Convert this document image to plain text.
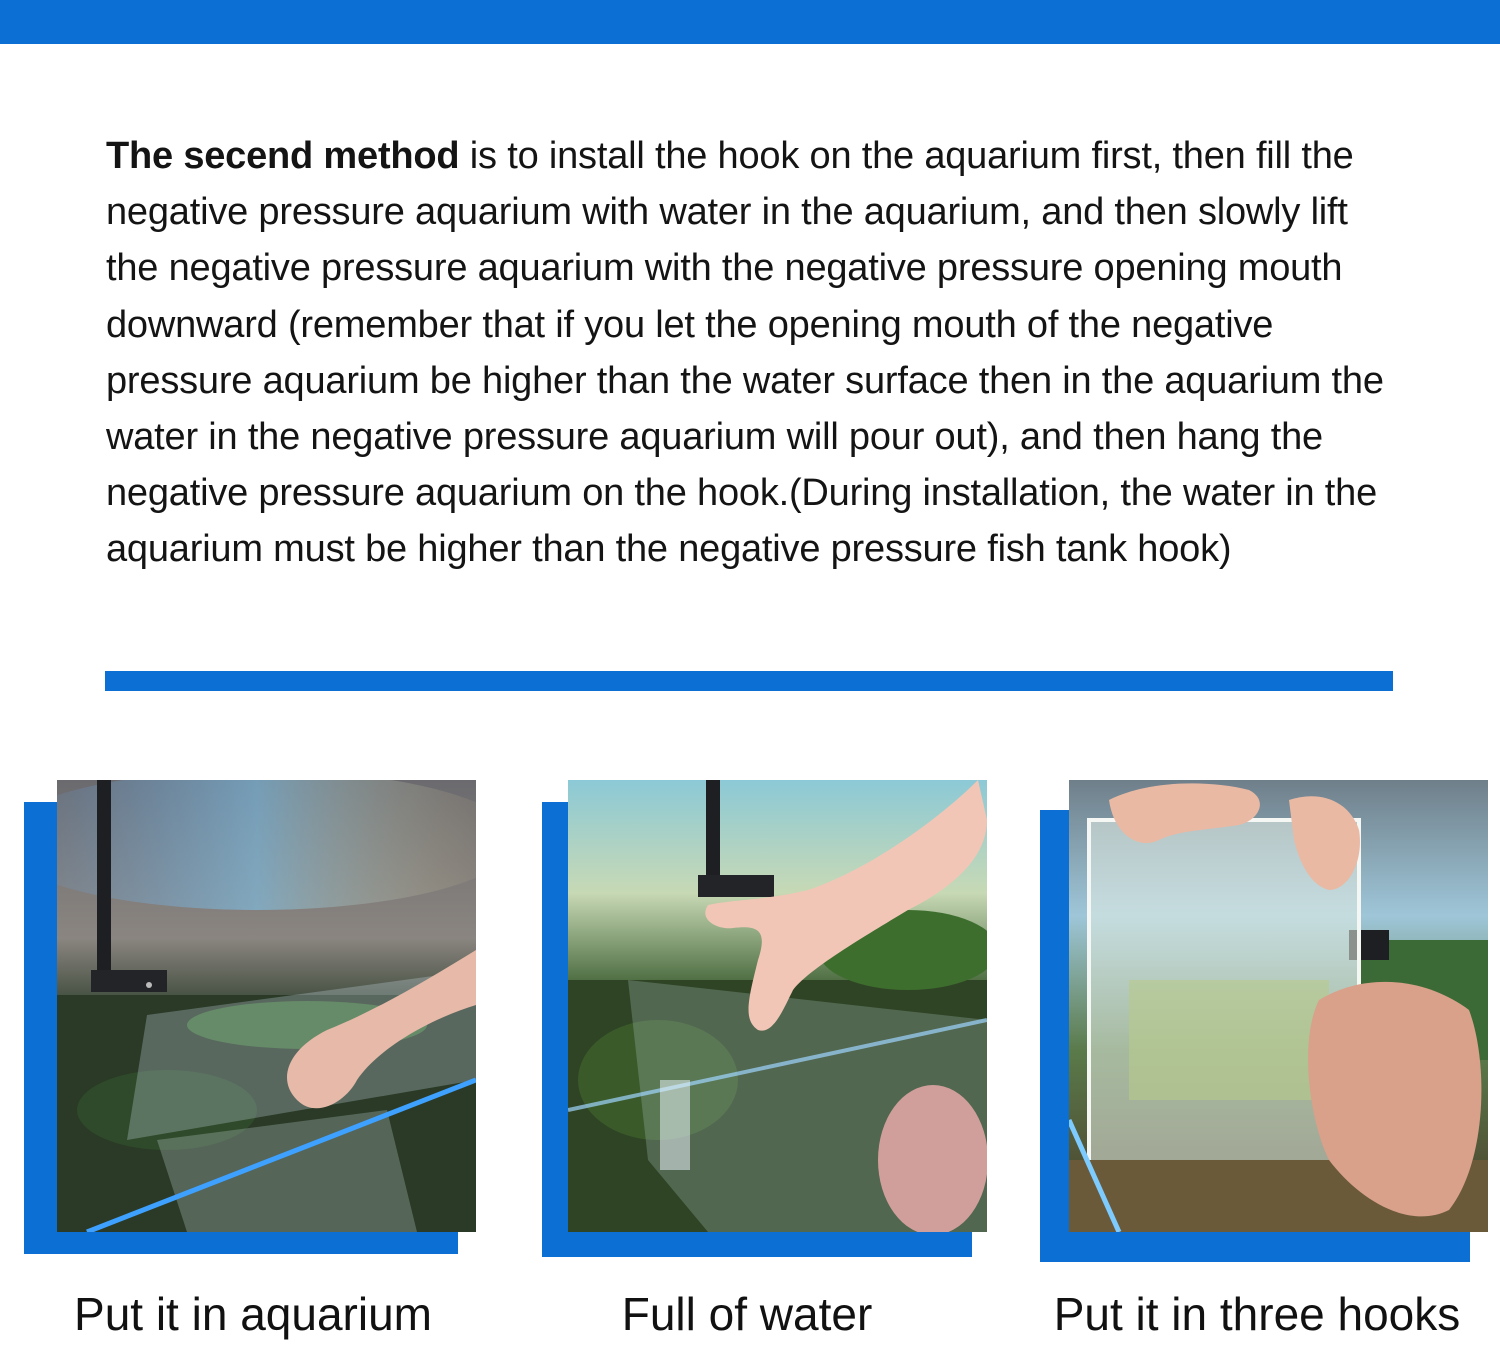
The secend method is to install the hook on the aquarium first, then fill the negative pressure aquarium with water in the aquarium, and then slowly lift the negative pressure aquarium with the negative pressure opening mouth downward (remember that if you let the opening mouth of the negative pressure aquarium be higher than the water surface then in the aquarium the water in the negative pressure aquarium will pour out), and then hang the negative pressure aquarium on the hook.(During installation, the water in the aquarium must be higher than the negative pressure fish tank hook)
Put it in aquarium	Full of water	Put it in three hooks
